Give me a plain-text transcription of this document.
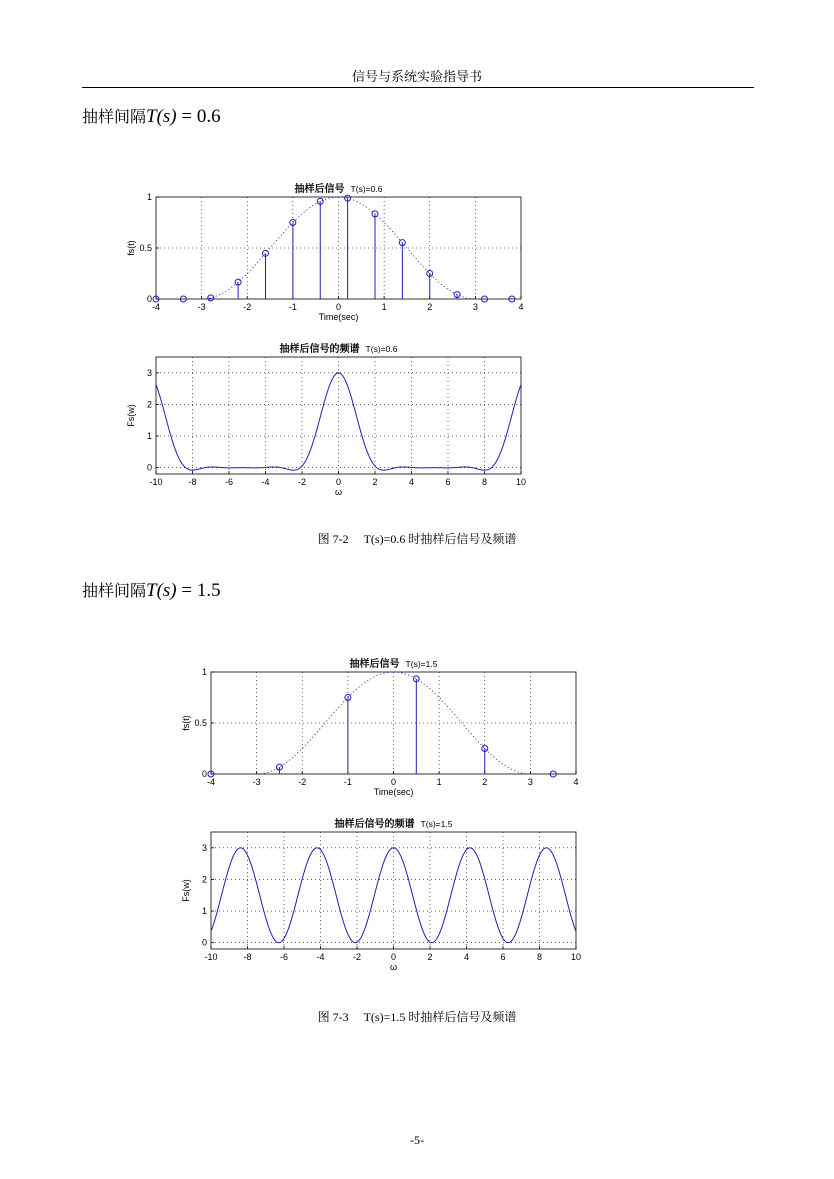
信号与系统实验指导书
抽样间隔T(s) = 0.6
-4	-3	-2	-1	0	1	2	3	4
0
0.5
1
抽样后信号 T(s)=0.6
Time(sec)
fs(t)
-10	-8	-6	-4	-2	0	2	4	6	8	10
0
1
2
3
抽样后信号的频谱 T(s)=0.6
ω
Fs(w)
图 7-2　 T(s)=0.6 时抽样后信号及频谱
抽样间隔T(s) = 1.5
-4	-3	-2	-1	0	1	2	3	4
0
0.5
1
抽样后信号 T(s)=1.5
Time(sec)
fs(t)
-10	-8	-6	-4	-2	0	2	4	6	8	10
0
1
2
3
抽样后信号的频谱 T(s)=1.5
ω
Fs(w)
图 7-3　 T(s)=1.5 时抽样后信号及频谱
-5-
